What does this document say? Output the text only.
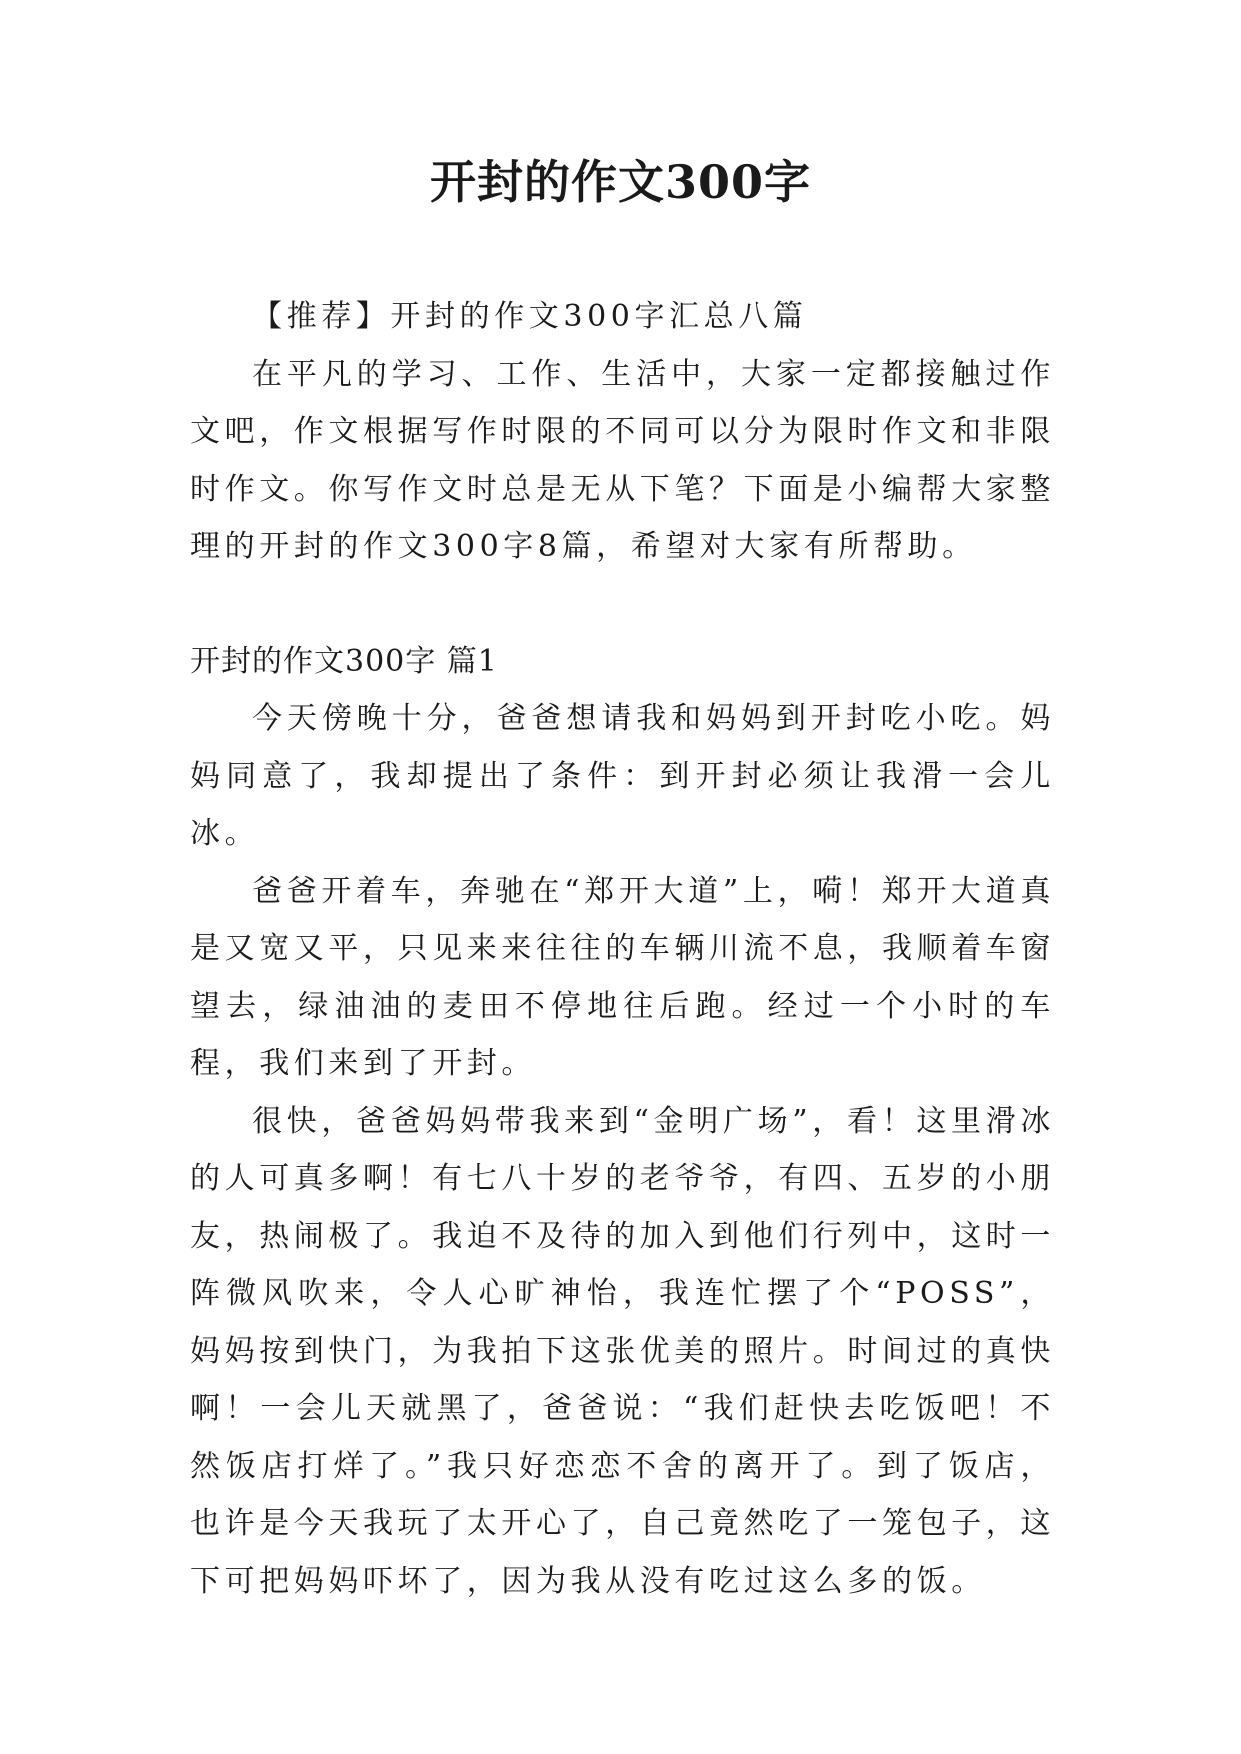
开封的作文300字

【推荐】开封的作文300字汇总八篇

在平凡的学习、工作、生活中，大家一定都接触过作文吧，作文根据写作时限的不同可以分为限时作文和非限时作文。你写作文时总是无从下笔？下面是小编帮大家整理的开封的作文300字8篇，希望对大家有所帮助。

开封的作文300字 篇1

今天傍晚十分，爸爸想请我和妈妈到开封吃小吃。妈妈同意了，我却提出了条件：到开封必须让我滑一会儿冰。

爸爸开着车，奔驰在“郑开大道”上，嗬！郑开大道真是又宽又平，只见来来往往的车辆川流不息，我顺着车窗望去，绿油油的麦田不停地往后跑。经过一个小时的车程，我们来到了开封。

很快，爸爸妈妈带我来到“金明广场”，看！这里滑冰的人可真多啊！有七八十岁的老爷爷，有四、五岁的小朋友，热闹极了。我迫不及待的加入到他们行列中，这时一阵微风吹来，令人心旷神怡，我连忙摆了个“POSS”，妈妈按到快门，为我拍下这张优美的照片。时间过的真快啊！一会儿天就黑了，爸爸说：“我们赶快去吃饭吧！不然饭店打烊了。”我只好恋恋不舍的离开了。到了饭店，也许是今天我玩了太开心了，自己竟然吃了一笼包子，这下可把妈妈吓坏了，因为我从没有吃过这么多的饭。
